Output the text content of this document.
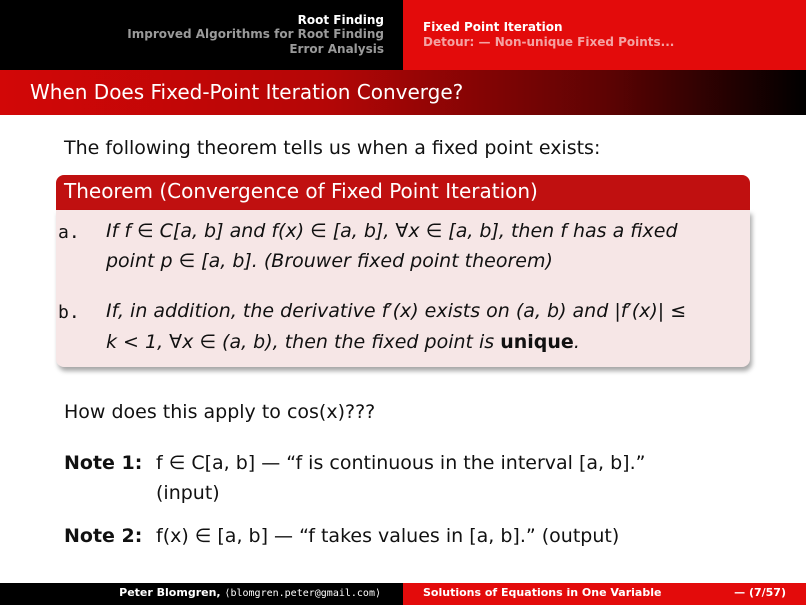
Root Finding
Improved Algorithms for Root Finding
Error Analysis
Fixed Point Iteration
Detour: — Non-unique Fixed Points...
When Does Fixed-Point Iteration Converge?
The following theorem tells us when a fixed point exists:
Theorem (Convergence of Fixed Point Iteration)
a. If f ∈ C[a, b] and f(x) ∈ [a, b], ∀x ∈ [a, b], then f has a fixed
point p ∈ [a, b]. (Brouwer fixed point theorem)
b. If, in addition, the derivative f′(x) exists on (a, b) and |f′(x)| ≤
k < 1, ∀x ∈ (a, b), then the fixed point is unique.
How does this apply to cos(x)???
Note 1: f ∈ C[a, b] — “f is continuous in the interval [a, b].”
(input)
Note 2: f(x) ∈ [a, b] — “f takes values in [a, b].” (output)
Peter Blomgren, ⟨blomgren.peter@gmail.com⟩	Solutions of Equations in One Variable	— (7/57)
